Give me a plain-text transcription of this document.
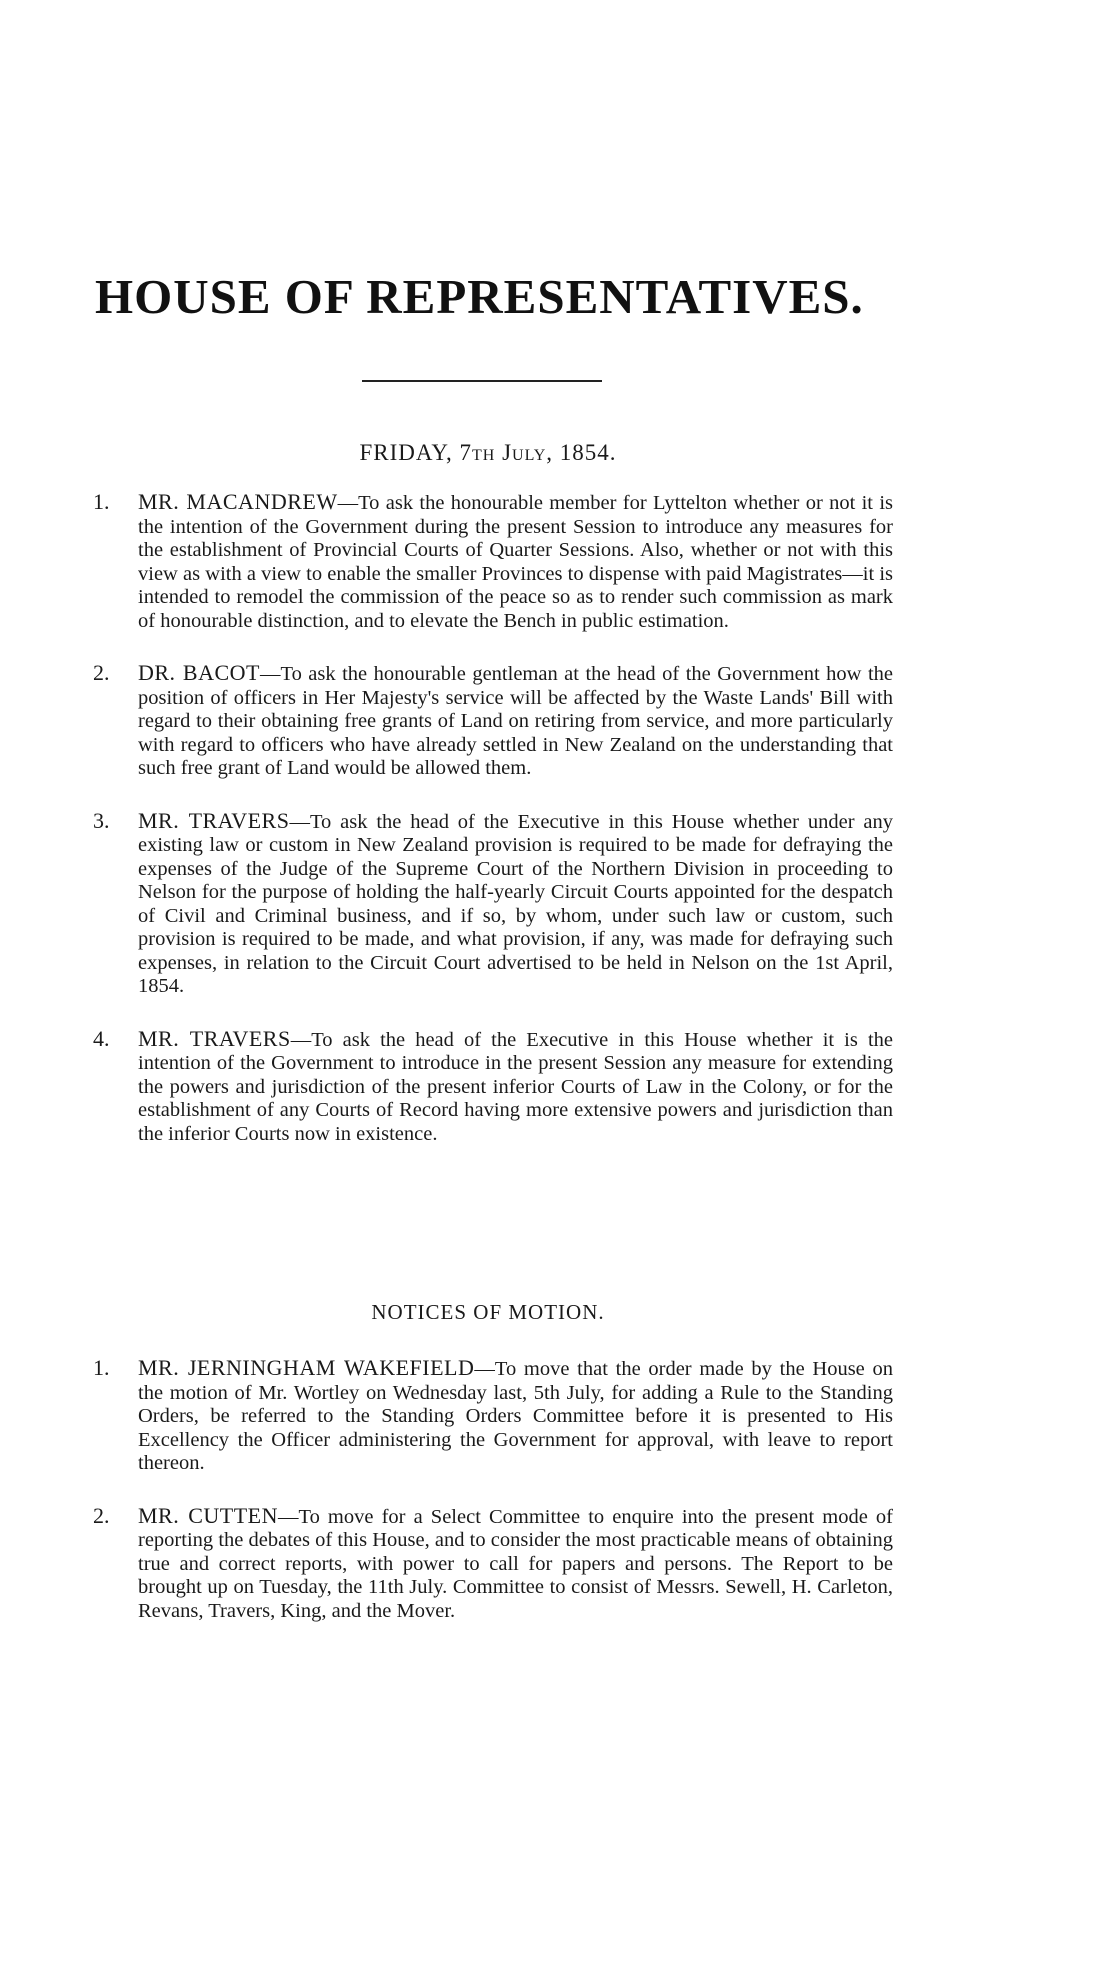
HOUSE OF REPRESENTATIVES.
FRIDAY, 7th July, 1854.

1. MR. MACANDREW—To ask the honourable member for Lyttelton whether or not it is the intention of the Government during the present Session to introduce any measures for the establishment of Provincial Courts of Quarter Sessions. Also, whether or not with this view as with a view to enable the smaller Provinces to dispense with paid Magistrates—it is intended to remodel the commission of the peace so as to render such commission as mark of honourable distinction, and to elevate the Bench in public estimation.

2. DR. BACOT—To ask the honourable gentleman at the head of the Government how the position of officers in Her Majesty's service will be affected by the Waste Lands' Bill with regard to their obtaining free grants of Land on retiring from service, and more particularly with regard to officers who have already settled in New Zealand on the understanding that such free grant of Land would be allowed them.

3. MR. TRAVERS—To ask the head of the Executive in this House whether under any existing law or custom in New Zealand provision is required to be made for defraying the expenses of the Judge of the Supreme Court of the Northern Division in proceeding to Nelson for the purpose of holding the half-yearly Circuit Courts appointed for the despatch of Civil and Criminal business, and if so, by whom, under such law or custom, such provision is required to be made, and what provision, if any, was made for defraying such expenses, in relation to the Circuit Court advertised to be held in Nelson on the 1st April, 1854.

4. MR. TRAVERS—To ask the head of the Executive in this House whether it is the intention of the Government to introduce in the present Session any measure for extending the powers and jurisdiction of the present inferior Courts of Law in the Colony, or for the establishment of any Courts of Record having more extensive powers and jurisdiction than the inferior Courts now in existence.

NOTICES OF MOTION.

1. MR. JERNINGHAM WAKEFIELD—To move that the order made by the House on the motion of Mr. Wortley on Wednesday last, 5th July, for adding a Rule to the Standing Orders, be referred to the Standing Orders Committee before it is presented to His Excellency the Officer administering the Government for approval, with leave to report thereon.

2. MR. CUTTEN—To move for a Select Committee to enquire into the present mode of reporting the debates of this House, and to consider the most practicable means of obtaining true and correct reports, with power to call for papers and persons. The Report to be brought up on Tuesday, the 11th July. Committee to consist of Messrs. Sewell, H. Carleton, Revans, Travers, King, and the Mover.
